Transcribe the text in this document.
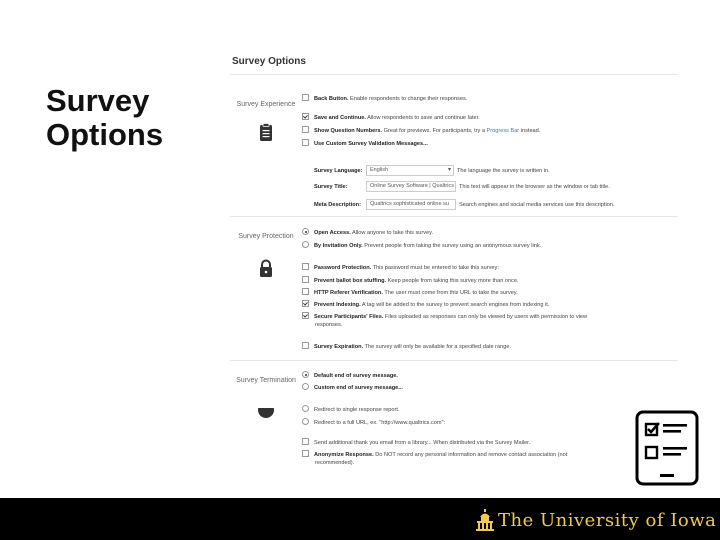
Survey
Options
Survey Options
Survey Experience
Back Button. Enable respondents to change their responses.
Save and Continue. Allow respondents to save and continue later.
Show Question Numbers. Great for previews. For participants, try a Progress Bar instead.
Use Custom Survey Validation Messages...
Survey Language: English ▾	The language the survey is written in.
Survey Title:	Online Survey Software | Qualtrics This text will appear in the browser as the window or tab title.
Meta Description: Qualtrics sophisticated online su Search engines and social media services use this description.
Survey Protection
Open Access. Allow anyone to take this survey.
By Invitation Only. Prevent people from taking the survey using an anonymous survey link.
Password Protection. This password must be entered to take this survey:
Prevent ballot box stuffing. Keep people from taking this survey more than once.
HTTP Referer Verification. The user must come from this URL to take the survey.
Prevent Indexing. A tag will be added to the survey to prevent search engines from indexing it.
Secure Participants' Files. Files uploaded as responses can only be viewed by users with permission to view
responses.
Survey Expiration. The survey will only be available for a specified date range.
Survey Termination
Default end of survey message.
Custom end of survey message...
Redirect to single response report.
Redirect to a full URL, ex. "http://www.qualtrics.com":
Send additional thank you email from a library... When distributed via the Survey Mailer.
Anonymize Response. Do NOT record any personal information and remove contact association (not
recommended).
The University of Iowa
